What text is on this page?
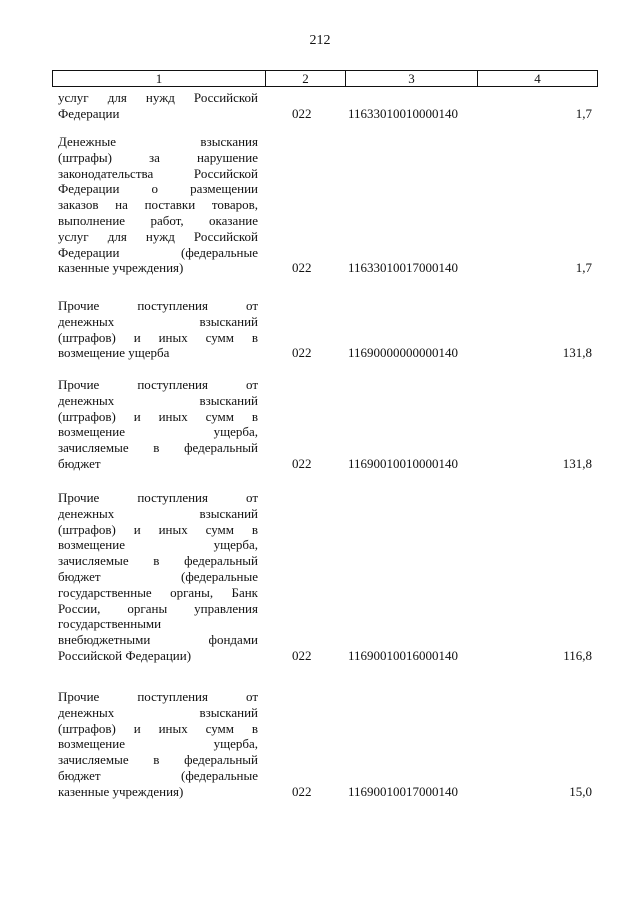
212
1	2	3	4
услуг для нужд Российской
Федерации	022	11633010010000140	1,7
Денежные взыскания
(штрафы) за нарушение
законодательства Российской
Федерации о размещении
заказов на поставки товаров,
выполнение работ, оказание
услуг для нужд Российской
Федерации (федеральные
казенные учреждения)	022	11633010017000140	1,7
Прочие поступления от
денежных взысканий
(штрафов) и иных сумм в
возмещение ущерба	022	11690000000000140	131,8
Прочие поступления от
денежных взысканий
(штрафов) и иных сумм в
возмещение ущерба,
зачисляемые в федеральный
бюджет	022	11690010010000140	131,8
Прочие поступления от
денежных взысканий
(штрафов) и иных сумм в
возмещение ущерба,
зачисляемые в федеральный
бюджет (федеральные
государственные органы, Банк
России, органы управления
государственными
внебюджетными фондами
Российской Федерации)	022	11690010016000140	116,8
Прочие поступления от
денежных взысканий
(штрафов) и иных сумм в
возмещение ущерба,
зачисляемые в федеральный
бюджет (федеральные
казенные учреждения)	022	11690010017000140	15,0
